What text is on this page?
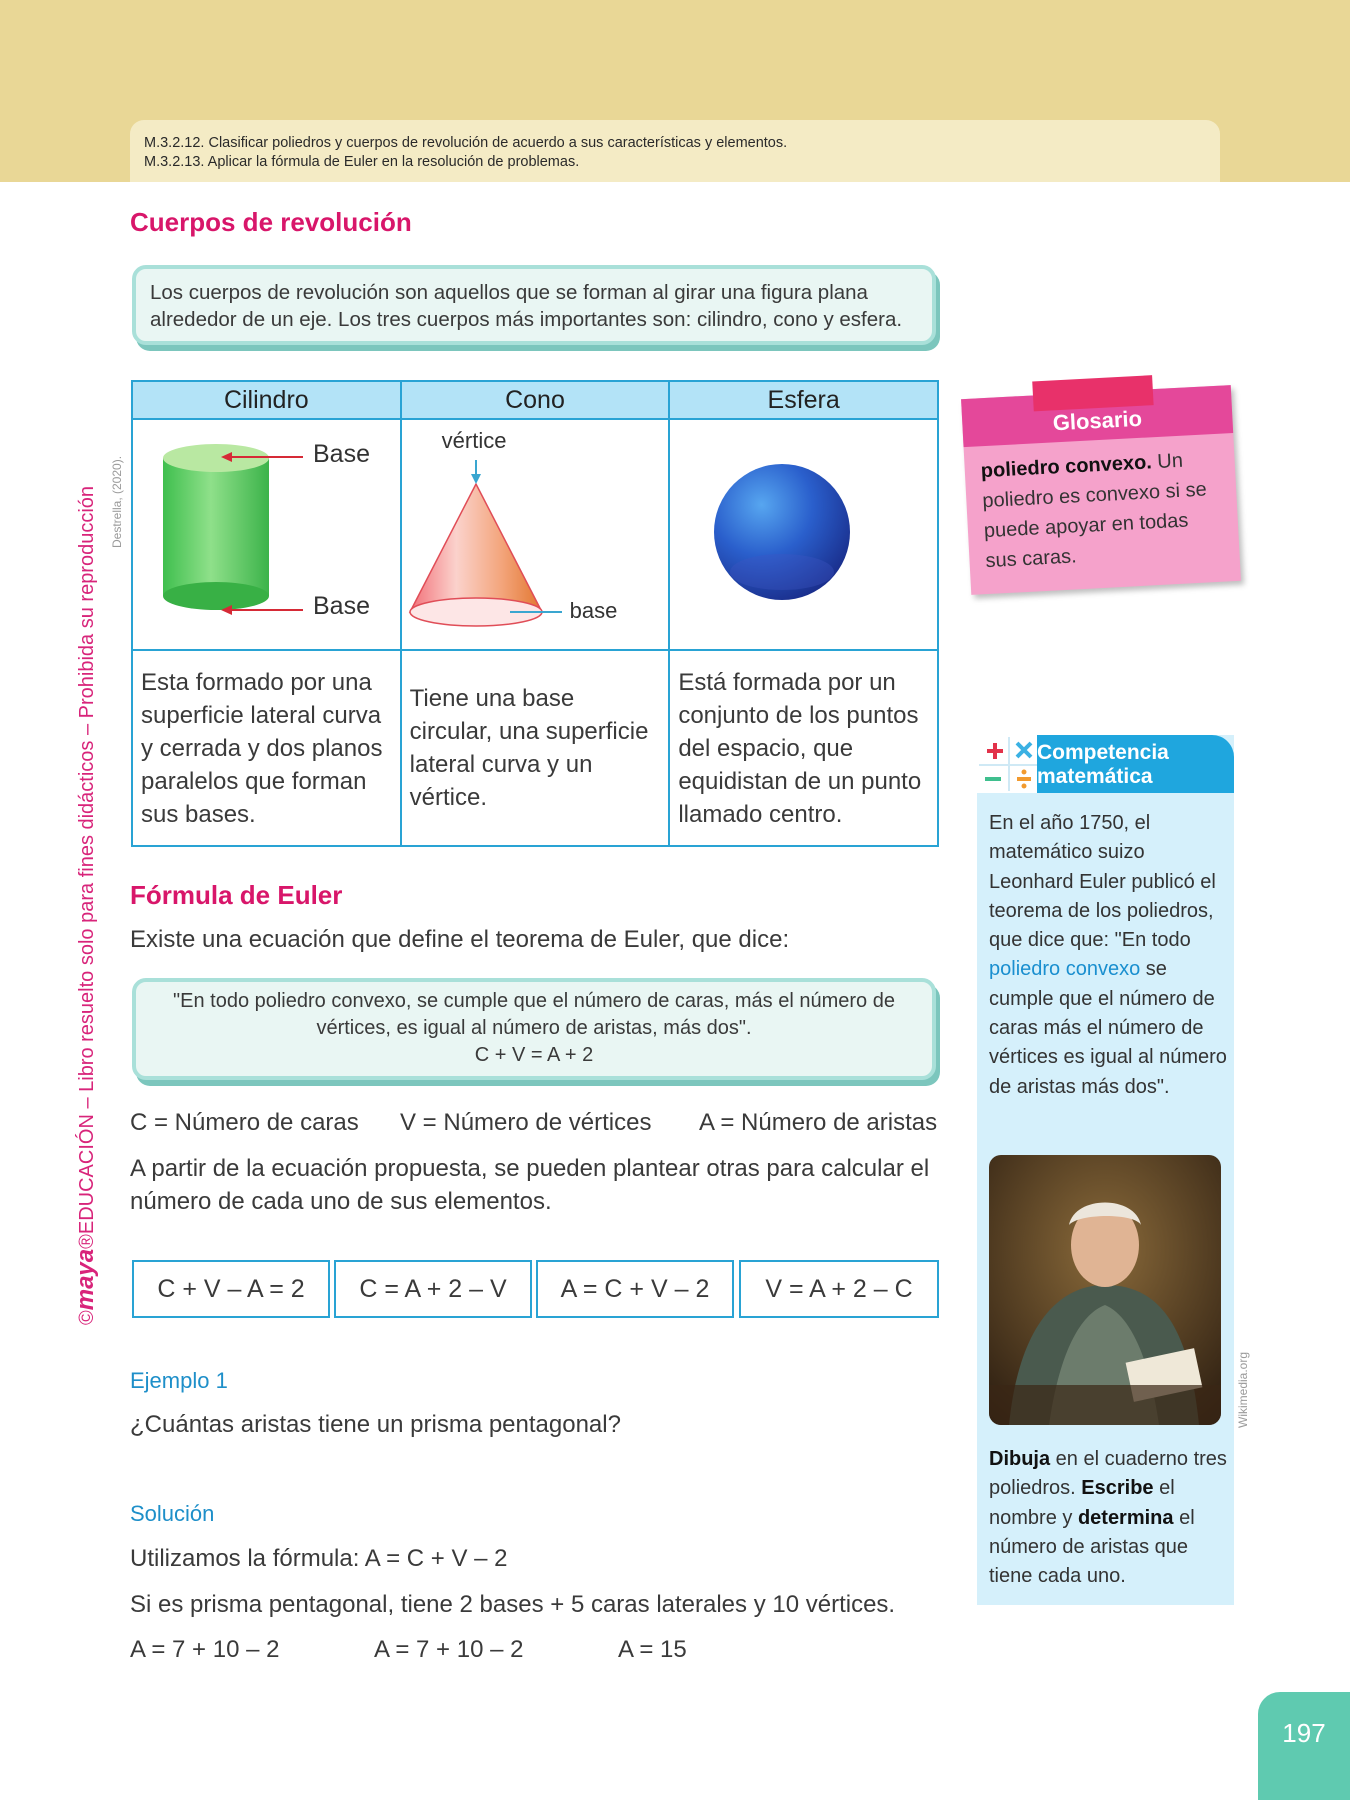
M.3.2.12. Clasificar poliedros y cuerpos de revolución de acuerdo a sus características y elementos.
M.3.2.13. Aplicar la fórmula de Euler en la resolución de problemas.
©maya®EDUCACIÓN – Libro resuelto solo para fines didácticos – Prohibida su reproducción	Destrella, (2020).
Cuerpos de revolución
Los cuerpos de revolución son aquellos que se forman al girar una figura plana alrededor de un eje. Los tres cuerpos más importantes son: cilindro, cono y esfera.
Cilindro	Cono	Esfera

Base
Base	vértice
base

Esta formado por una superficie lateral curva y cerrada y dos planos paralelos que forman sus bases.	Tiene una base circular, una superficie lateral curva y un vértice.	Está formada por un conjunto de los puntos del espacio, que equidistan de un punto llamado centro.
Glosario
poliedro convexo. Un poliedro es convexo si se puede apoyar en todas sus caras.
Competencia
matemática
En el año 1750, el matemático suizo Leonhard Euler publicó el teorema de los poliedros, que dice que: "En todo poliedro convexo se cumple que el número de caras más el número de vértices es igual al número de aristas más dos".
Dibuja en el cuaderno tres poliedros. Escribe el nombre y determina el número de aristas que tiene cada uno.
Wikimedia.org
Fórmula de Euler
Existe una ecuación que define el teorema de Euler, que dice:
"En todo poliedro convexo, se cumple que el número de caras, más el número de vértices, es igual al número de aristas, más dos".
C + V = A + 2
C = Número de caras V = Número de vértices A = Número de aristas
A partir de la ecuación propuesta, se pueden plantear otras para calcular el
número de cada uno de sus elementos.
C + V – A = 2	C = A + 2 – V	A = C + V – 2	V = A + 2 – C
Ejemplo 1
¿Cuántas aristas tiene un prisma pentagonal?
Solución
Utilizamos la fórmula: A = C + V – 2
Si es prisma pentagonal, tiene 2 bases + 5 caras laterales y 10 vértices.
A = 7 + 10 – 2	A = 7 + 10 – 2	A = 15
197
